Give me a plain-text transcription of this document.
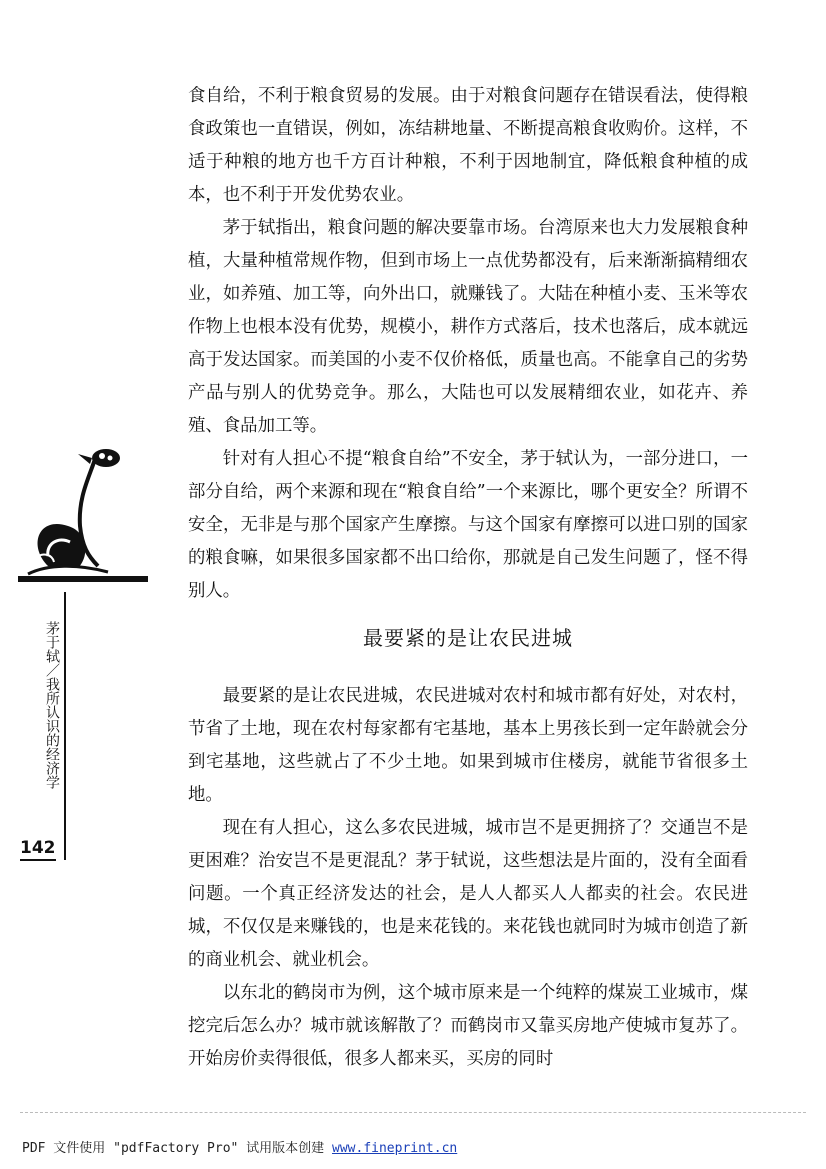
食自给，不利于粮食贸易的发展。由于对粮食问题存在错误看法，使得粮食政策也一直错误，例如，冻结耕地量、不断提高粮食收购价。这样，不适于种粮的地方也千方百计种粮，不利于因地制宜，降低粮食种植的成本，也不利于开发优势农业。

茅于轼指出，粮食问题的解决要靠市场。台湾原来也大力发展粮食种植，大量种植常规作物，但到市场上一点优势都没有，后来渐渐搞精细农业，如养殖、加工等，向外出口，就赚钱了。大陆在种植小麦、玉米等农作物上也根本没有优势，规模小，耕作方式落后，技术也落后，成本就远高于发达国家。而美国的小麦不仅价格低，质量也高。不能拿自己的劣势产品与别人的优势竞争。那么，大陆也可以发展精细农业，如花卉、养殖、食品加工等。

针对有人担心不提“粮食自给”不安全，茅于轼认为，一部分进口，一部分自给，两个来源和现在“粮食自给”一个来源比，哪个更安全？所谓不安全，无非是与那个国家产生摩擦。与这个国家有摩擦可以进口别的国家的粮食嘛，如果很多国家都不出口给你，那就是自己发生问题了，怪不得别人。

最要紧的是让农民进城

最要紧的是让农民进城，农民进城对农村和城市都有好处，对农村，节省了土地，现在农村每家都有宅基地，基本上男孩长到一定年龄就会分到宅基地，这些就占了不少土地。如果到城市住楼房，就能节省很多土地。

现在有人担心，这么多农民进城，城市岂不是更拥挤了？交通岂不是更困难？治安岂不是更混乱？茅于轼说，这些想法是片面的，没有全面看问题。一个真正经济发达的社会，是人人都买人人都卖的社会。农民进城，不仅仅是来赚钱的，也是来花钱的。来花钱也就同时为城市创造了新的商业机会、就业机会。

以东北的鹤岗市为例，这个城市原来是一个纯粹的煤炭工业城市，煤挖完后怎么办？城市就该解散了？而鹤岗市又靠买房地产使城市复苏了。开始房价卖得很低，很多人都来买，买房的同时

茅于轼／我所认识的经济学
142
PDF 文件使用 "pdfFactory Pro" 试用版本创建 www.fineprint.cn
